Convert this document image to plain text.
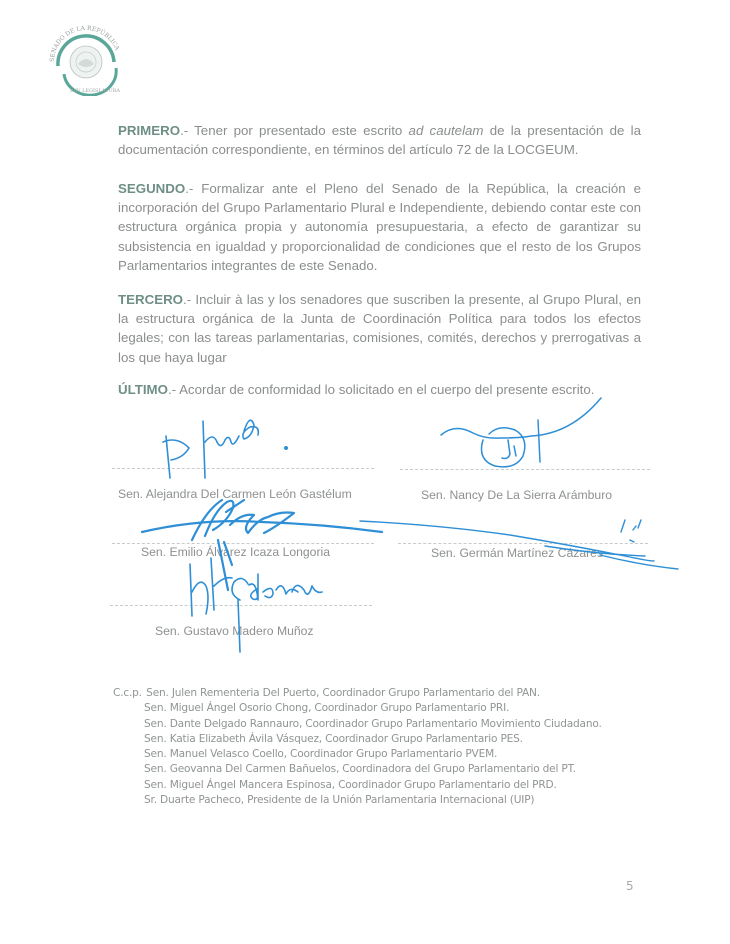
SENADO DE LA REPÚBLICA
LXV LEGISLATURA

PRIMERO.- Tener por presentado este escrito ad cautelam de la presentación de la documentación correspondiente, en términos del artículo 72 de la LOCGEUM.

SEGUNDO.- Formalizar ante el Pleno del Senado de la República, la creación e incorporación del Grupo Parlamentario Plural e Independiente, debiendo contar este con estructura orgánica propia y autonomía presupuestaria, a efecto de garantizar su subsistencia en igualdad y proporcionalidad de condiciones que el resto de los Grupos Parlamentarios integrantes de este Senado.

TERCERO.- Incluir à las y los senadores que suscriben la presente, al Grupo Plural, en la estructura orgánica de la Junta de Coordinación Política para todos los efectos legales; con las tareas parlamentarias, comisiones, comités, derechos y prerrogativas a los que haya lugar

ÚLTIMO.- Acordar de conformidad lo solicitado en el cuerpo del presente escrito.

Sen. Alejandra Del Carmen León Gastélum	Sen. Nancy De La Sierra Arámburo
Sen. Emilio Álvarez Icaza Longoria	Sen. Germán Martínez Cázares
Sen. Gustavo Madero Muñoz
C.c.p. Sen. Julen Rementeria Del Puerto, Coordinador Grupo Parlamentario del PAN.
Sen. Miguel Ángel Osorio Chong, Coordinador Grupo Parlamentario PRI.
Sen. Dante Delgado Rannauro, Coordinador Grupo Parlamentario Movimiento Ciudadano.
Sen. Katia Elizabeth Ávila Vásquez, Coordinador Grupo Parlamentario PES.
Sen. Manuel Velasco Coello, Coordinador Grupo Parlamentario PVEM.
Sen. Geovanna Del Carmen Bañuelos, Coordinadora del Grupo Parlamentario del PT.
Sen. Miguel Ángel Mancera Espinosa, Coordinador Grupo Parlamentario del PRD.
Sr. Duarte Pacheco, Presidente de la Unión Parlamentaria Internacional (UIP)
5
